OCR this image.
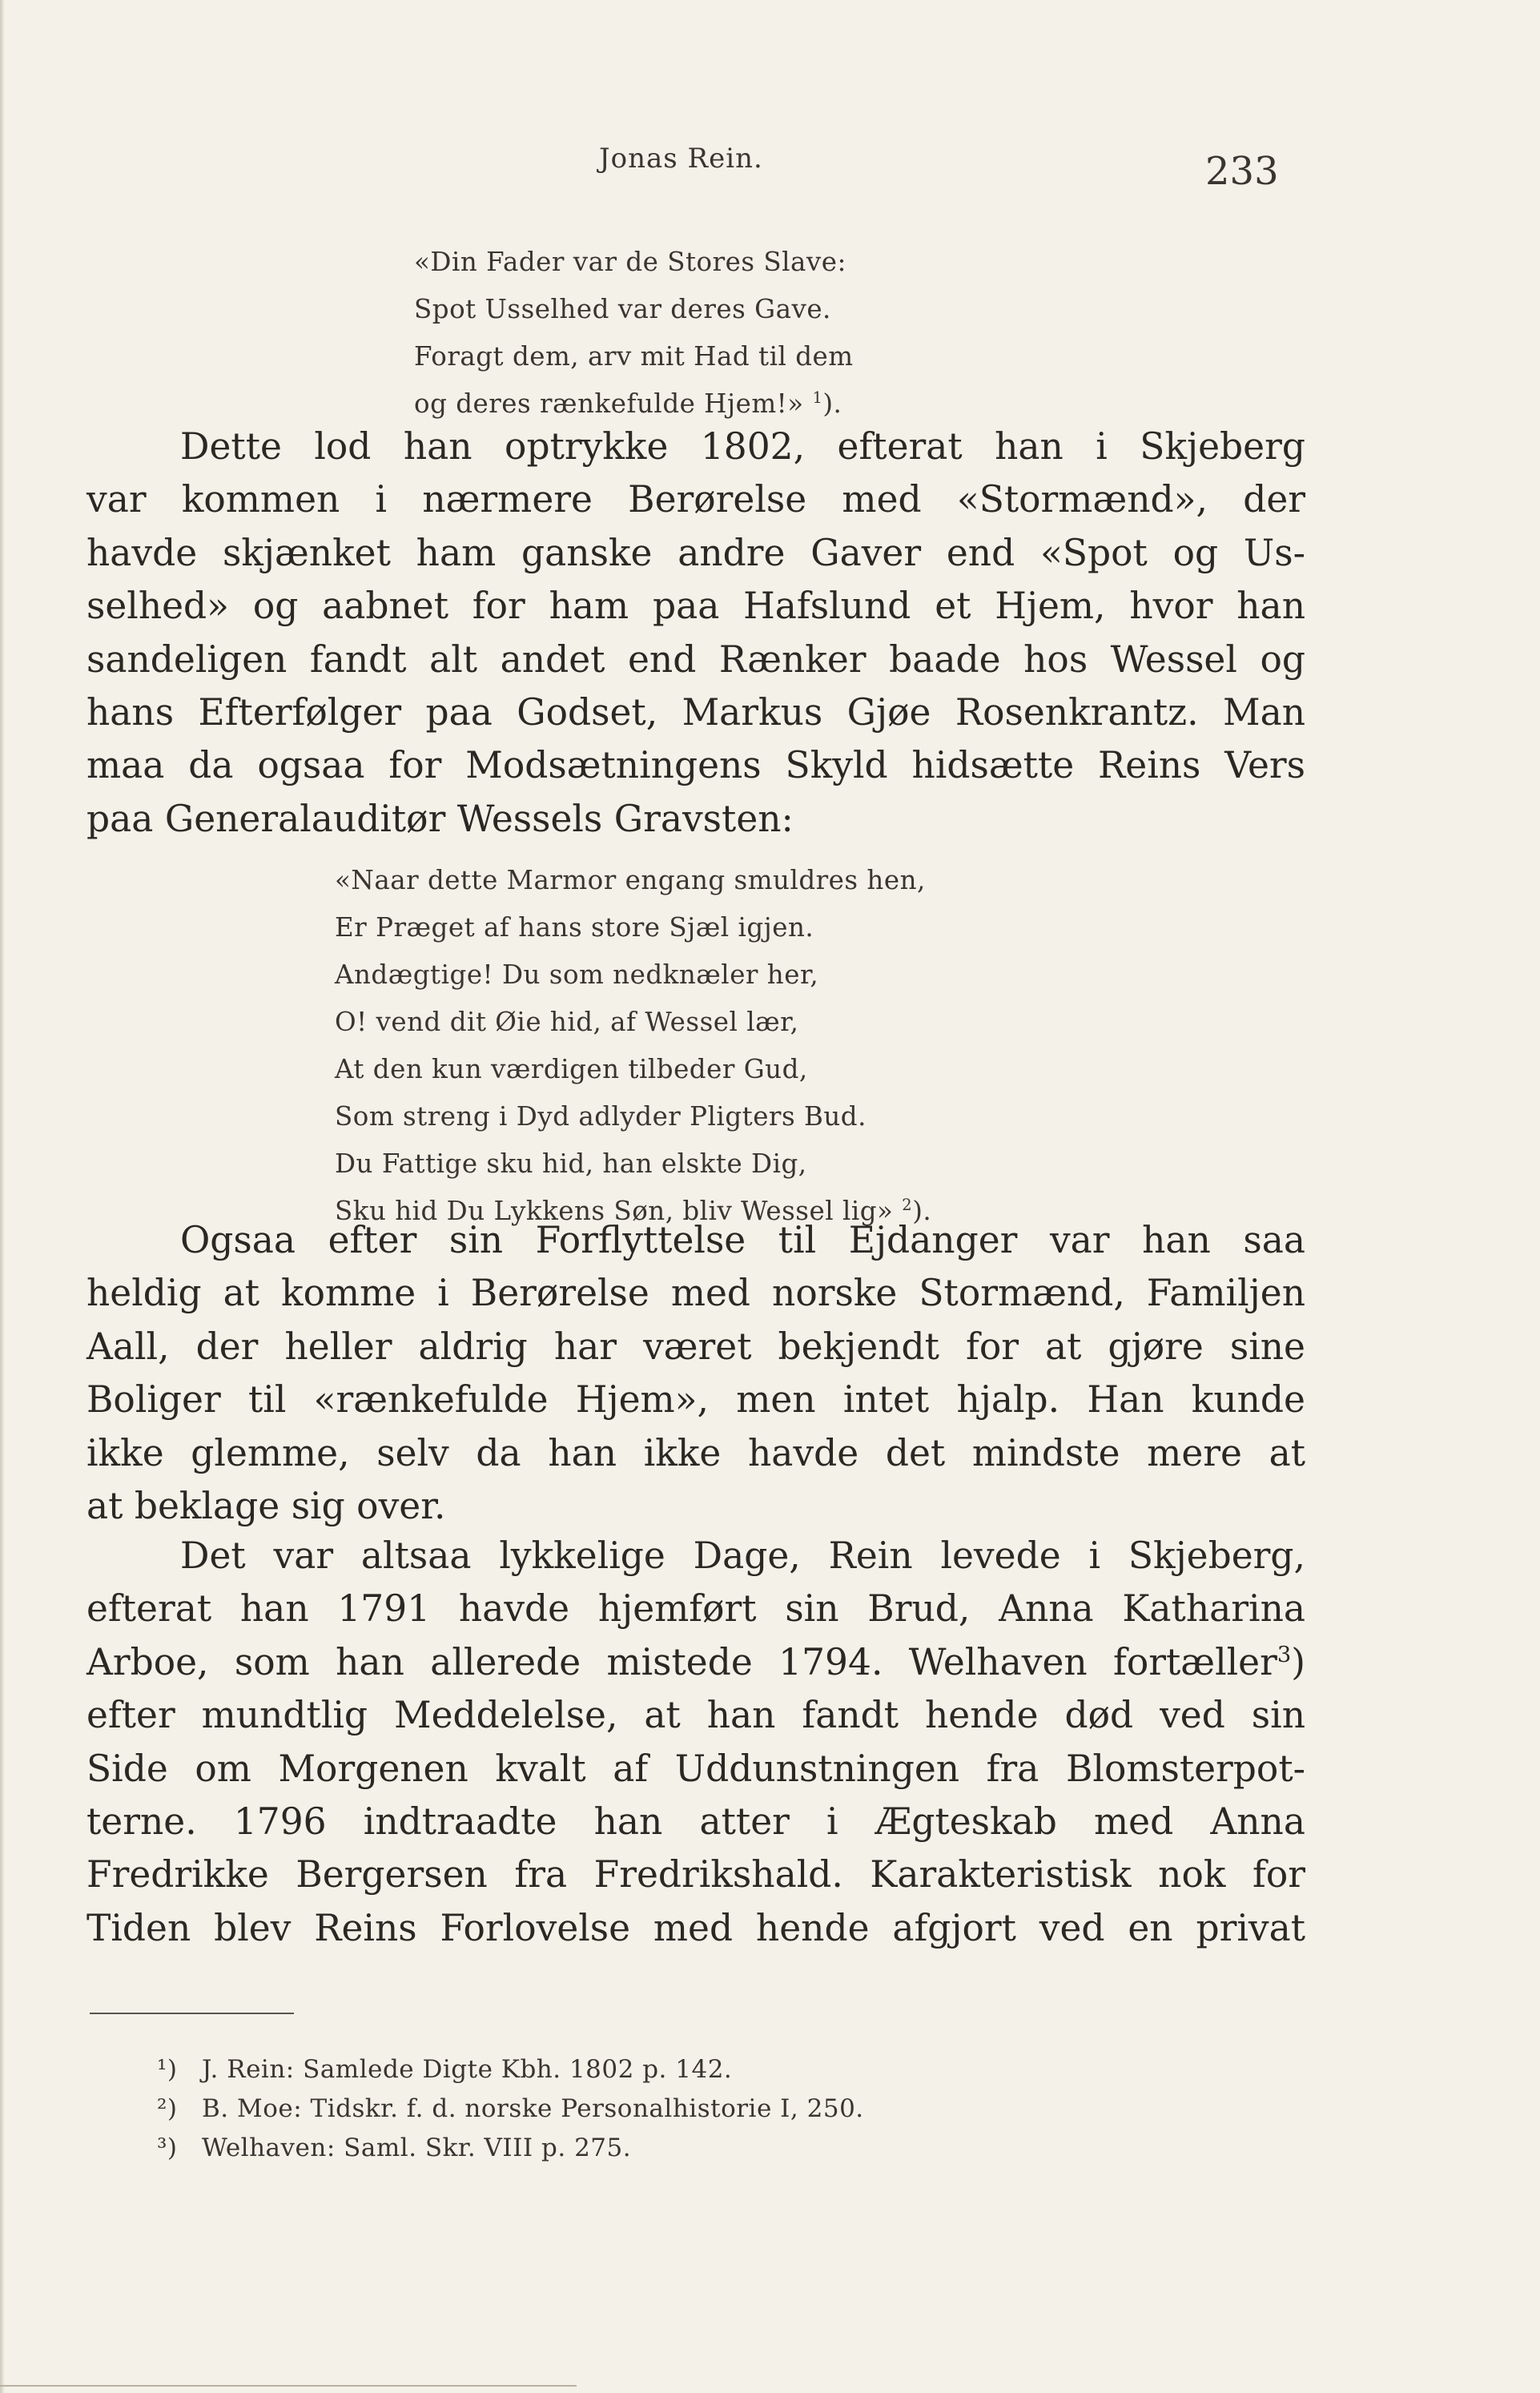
Jonas Rein.	233
«Din Fader var de Stores Slave:
Spot Usselhed var deres Gave.
Foragt dem, arv mit Had til dem
og deres rænkefulde Hjem!» $^1$).
Dette lod han optrykke 1802, efterat han i Skjeberg
var kommen i nærmere Berørelse med «Stormænd», der
havde skjænket ham ganske andre Gaver end «Spot og Us-
selhed» og aabnet for ham paa Hafslund et Hjem, hvor han
sandeligen fandt alt andet end Rænker baade hos Wessel og
hans Efterfølger paa Godset, Markus Gjøe Rosenkrantz. Man
maa da ogsaa for Modsætningens Skyld hidsætte Reins Vers
paa Generalauditør Wessels Gravsten:
«Naar dette Marmor engang smuldres hen,
Er Præget af hans store Sjæl igjen.
Andægtige! Du som nedknæler her,
O! vend dit Øie hid, af Wessel lær,
At den kun værdigen tilbeder Gud,
Som streng i Dyd adlyder Pligters Bud.
Du Fattige sku hid, han elskte Dig,
Sku hid Du Lykkens Søn, bliv Wessel lig» $^2$).
Ogsaa efter sin Forflyttelse til Ejdanger var han saa
heldig at komme i Berørelse med norske Stormænd, Familjen
Aall, der heller aldrig har været bekjendt for at gjøre sine
Boliger til «rænkefulde Hjem», men intet hjalp. Han kunde
ikke glemme, selv da han ikke havde det mindste mere at
at beklage sig over.
Det var altsaa lykkelige Dage, Rein levede i Skjeberg,
efterat han 1791 havde hjemført sin Brud, Anna Katharina
Arboe, som han allerede mistede 1794. Welhaven fortæller$^3$)
efter mundtlig Meddelelse, at han fandt hende død ved sin
Side om Morgenen kvalt af Uddunstningen fra Blomsterpot-
terne. 1796 indtraadte han atter i Ægteskab med Anna
Fredrikke Bergersen fra Fredrikshald. Karakteristisk nok for
Tiden blev Reins Forlovelse med hende afgjort ved en privat
¹) J. Rein: Samlede Digte Kbh. 1802 p. 142.
²) B. Moe: Tidskr. f. d. norske Personalhistorie I, 250.
³) Welhaven: Saml. Skr. VIII p. 275.
